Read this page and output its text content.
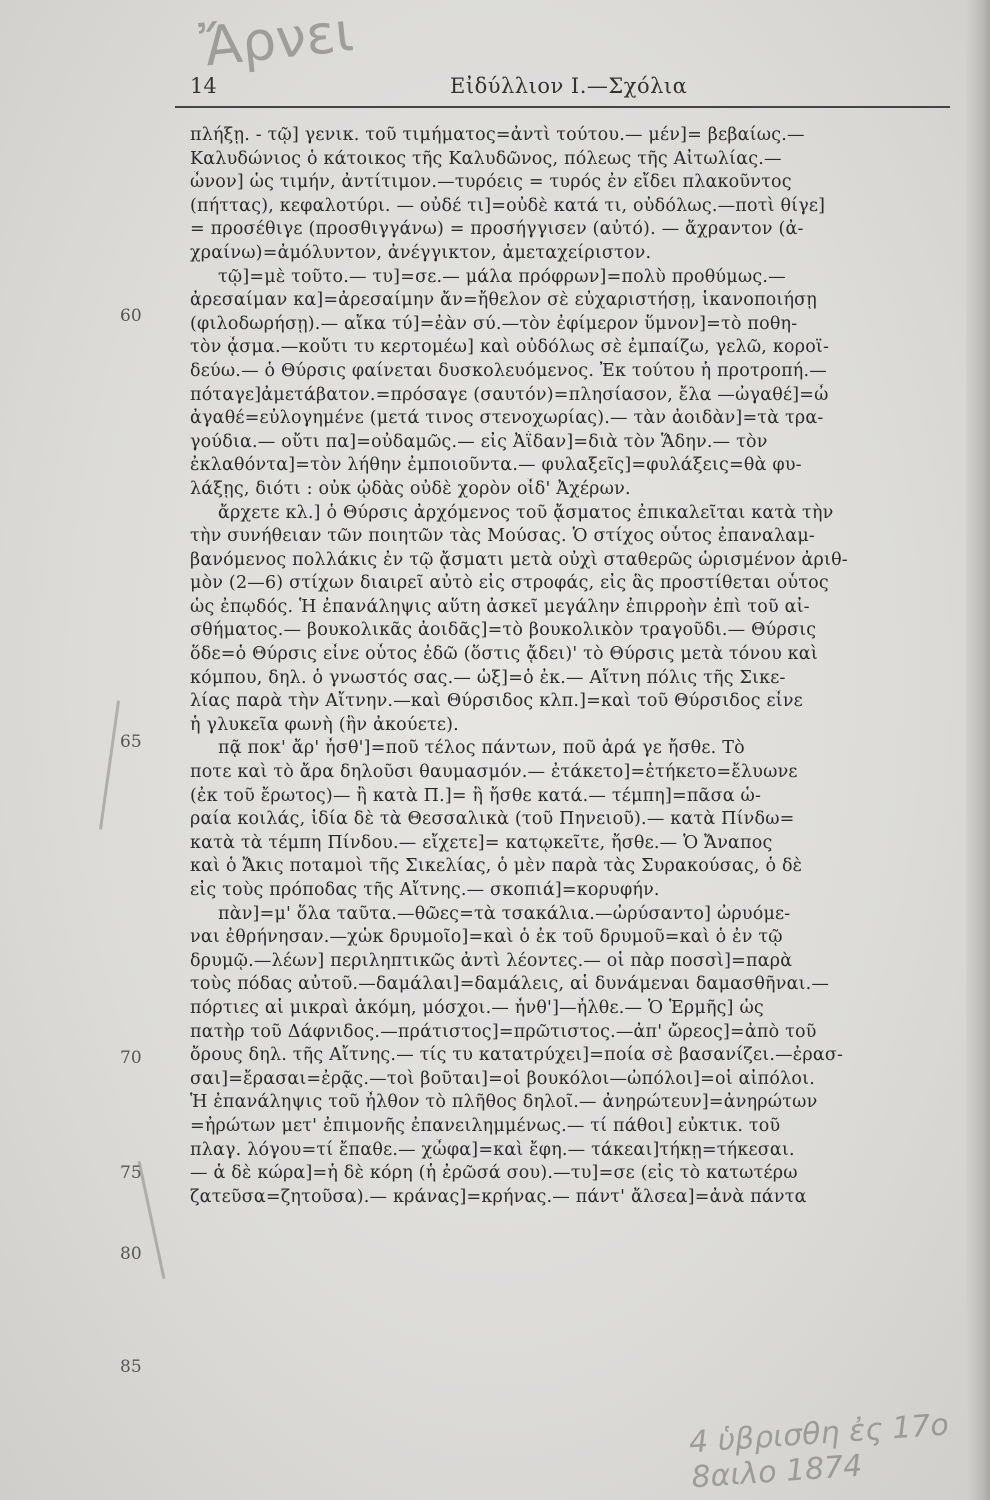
Ἄρνει
14	Εἰδύλλιον Ι.—Σχόλια
60
65
70
75
80
85
πλήξῃ. - τῷ] γενικ. τοῦ τιμήματος=ἀντὶ τούτου.— μέν]= βεβαίως.—
Καλυδώνιος ὁ κάτοικος τῆς Καλυδῶνος, πόλεως τῆς Αἰτωλίας.—
ὦνον] ὡς τιμήν, ἀντίτιμον.—τυρόεις = τυρός ἐν εἴδει πλακοῦντος
(πήττας), κεφαλοτύρι. — οὐδέ τι]=οὐδὲ κατά τι, οὐδόλως.—ποτὶ θίγε]
= προσέθιγε (προσθιγγάνω) = προσήγγισεν (αὐτό). — ἄχραντον (ἀ-
χραίνω)=ἀμόλυντον, ἀνέγγικτον, ἀμεταχείριστον.
τῷ]=μὲ τοῦτο.— τυ]=σε.— μάλα πρόφρων]=πολὺ προθύμως.—
ἀρεσαίμαν κα]=ἀρεσαίμην ἄν=ἤθελον σὲ εὐχαριστήσῃ, ἱκανοποιήσῃ
(φιλοδωρήσῃ).— αἴκα τύ]=ἐὰν σύ.—τὸν ἐφίμερον ὕμνον]=τὸ ποθη-
τὸν ᾆσμα.—κοὔτι τυ κερτομέω] καὶ οὐδόλως σὲ ἐμπαίζω, γελῶ, κοροϊ-
δεύω.— ὁ Θύρσις φαίνεται δυσκολευόμενος. Ἐκ τούτου ἡ προτροπή.—
πόταγε]ἀμετάβατον.=πρόσαγε (σαυτόν)=πλησίασον, ἔλα —ὠγαθέ]=ὦ
ἀγαθέ=εὐλογημένε (μετά τινος στενοχωρίας).— τὰν ἀοιδὰν]=τὰ τρα-
γούδια.— οὔτι πα]=οὐδαμῶς.— εἰς Ἀΐδαν]=διὰ τὸν Ἅδην.— τὸν
ἐκλαθόντα]=τὸν λήθην ἐμποιοῦντα.— φυλαξεῖς]=φυλάξεις=θὰ φυ-
λάξῃς, διότι : οὐκ ᾠδὰς οὐδὲ χορὸν οἶδ' Ἀχέρων.
ἄρχετε κλ.] ὁ Θύρσις ἀρχόμενος τοῦ ᾄσματος ἐπικαλεῖται κατὰ τὴν
τὴν συνήθειαν τῶν ποιητῶν τὰς Μούσας. Ὁ στίχος οὗτος ἐπαναλαμ-
βανόμενος πολλάκις ἐν τῷ ᾄσματι μετὰ οὐχὶ σταθερῶς ὡρισμένον ἀριθ-
μὸν (2—6) στίχων διαιρεῖ αὐτὸ εἰς στροφάς, εἰς ἃς προστίθεται οὗτος
ὡς ἐπῳδός. Ἡ ἐπανάληψις αὕτη ἀσκεῖ μεγάλην ἐπιρροὴν ἐπὶ τοῦ αἰ-
σθήματος.— βουκολικᾶς ἀοιδᾶς]=τὸ βουκολικὸν τραγοῦδι.— Θύρσις
ὅδε=ὁ Θύρσις εἶνε οὗτος ἐδῶ (ὅστις ᾄδει)' τὸ Θύρσις μετὰ τόνου καὶ
κόμπου, δηλ. ὁ γνωστός σας.— ὡξ]=ὁ ἐκ.— Αἴτνη πόλις τῆς Σικε-
λίας παρὰ τὴν Αἴτνην.—καὶ Θύρσιδος κλπ.]=καὶ τοῦ Θύρσιδος εἶνε
ἡ γλυκεῖα φωνὴ (ἣν ἀκούετε).
πᾷ ποκ' ἄρ' ἦσθ']=ποῦ τέλος πάντων, ποῦ ἀρά γε ἤσθε. Τὸ
ποτε καὶ τὸ ἄρα δηλοῦσι θαυμασμόν.— ἐτάκετο]=ἐτήκετο=ἔλυωνε
(ἐκ τοῦ ἔρωτος)— ἢ κατὰ Π.]= ἢ ἤσθε κατά.— τέμπη]=πᾶσα ὡ-
ραία κοιλάς, ἰδία δὲ τὰ Θεσσαλικὰ (τοῦ Πηνειοῦ).— κατὰ Πίνδω=
κατὰ τὰ τέμπη Πίνδου.— εἴχετε]= κατῳκεῖτε, ἤσθε.— Ὁ Ἄναπος
καὶ ὁ Ἄκις ποταμοὶ τῆς Σικελίας, ὁ μὲν παρὰ τὰς Συρακούσας, ὁ δὲ
εἰς τοὺς πρόποδας τῆς Αἴτνης.— σκοπιά]=κορυφήν.
πὰν]=μ' ὅλα ταῦτα.—θῶες=τὰ τσακάλια.—ὠρύσαντο] ὠρυόμε-
ναι ἐθρήνησαν.—χὡκ δρυμοῖο]=καὶ ὁ ἐκ τοῦ δρυμοῦ=καὶ ὁ ἐν τῷ
δρυμῷ.—λέων] περιληπτικῶς ἀντὶ λέοντες.— οἱ πὰρ ποσσὶ]=παρὰ
τοὺς πόδας αὐτοῦ.—δαμάλαι]=δαμάλεις, αἱ δυνάμεναι δαμασθῆναι.—
πόρτιες αἱ μικραὶ ἀκόμη, μόσχοι.— ἦνθ']—ἦλθε.— Ὁ Ἑρμῆς] ὡς
πατὴρ τοῦ Δάφνιδος.—πράτιστος]=πρῶτιστος.—ἀπ' ὤρεος]=ἀπὸ τοῦ
ὄρους δηλ. τῆς Αἴτνης.— τίς τυ κατατρύχει]=ποία σὲ βασανίζει.—ἐρασ-
σαι]=ἔρασαι=ἐρᾷς.—τοὶ βοῦται]=οἱ βουκόλοι—ὠπόλοι]=οἱ αἰπόλοι.
Ἡ ἐπανάληψις τοῦ ἦλθον τὸ πλῆθος δηλοῖ.— ἀνηρώτευν]=ἀνηρώτων
=ἠρώτων μετ' ἐπιμονῆς ἐπανειλημμένως.— τί πάθοι] εὐκτικ. τοῦ
πλαγ. λόγου=τί ἔπαθε.— χὦφα]=καὶ ἔφη.— τάκεαι]τήκῃ=τήκεσαι.
— ἁ δὲ κώρα]=ἡ δὲ κόρη (ἡ ἐρῶσά σου).—τυ]=σε (εἰς τὸ κατωτέρω
ζατεῦσα=ζητοῦσα).— κράνας]=κρήνας.— πάντ' ἄλσεα]=ἀνὰ πάντα
4 ὑβρισθη ἐς 17ο 8αιλο 1874
